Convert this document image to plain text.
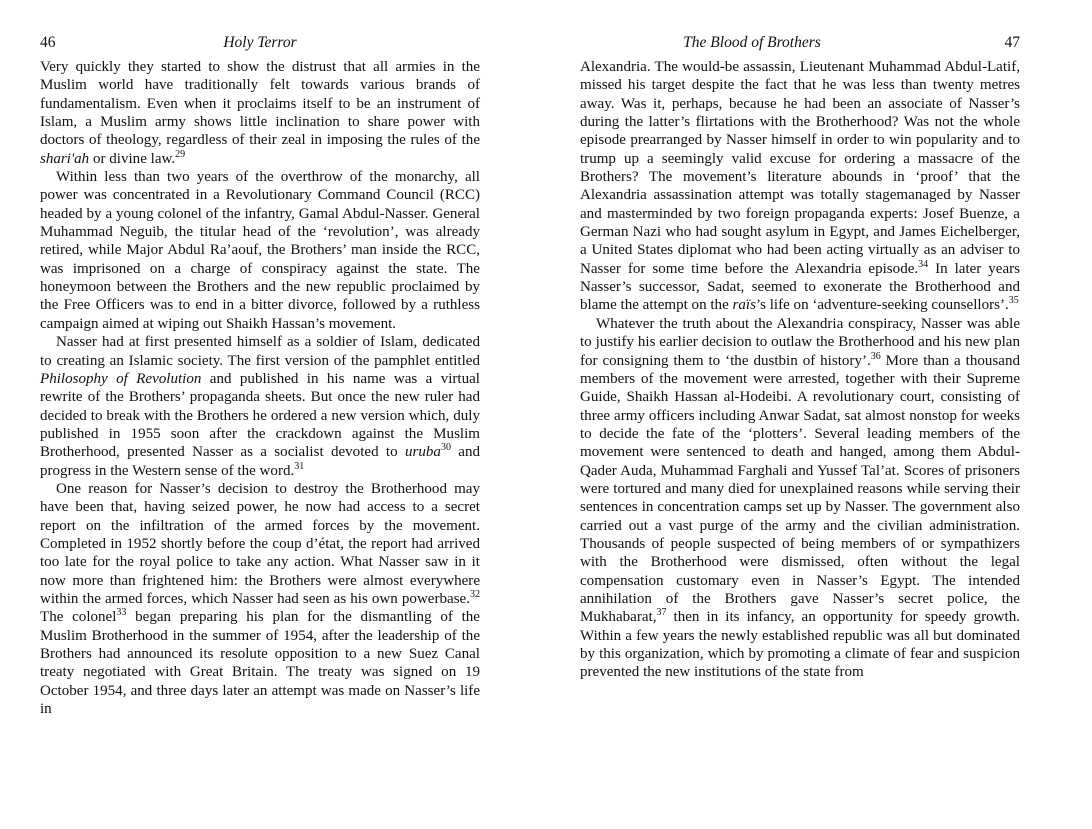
46	Holy Terror

Very quickly they started to show the distrust that all armies in the Muslim world have traditionally felt towards various brands of fundamentalism. Even when it proclaims itself to be an instrument of Islam, a Muslim army shows little inclination to share power with doctors of theology, regardless of their zeal in imposing the rules of the shari'ah or divine law.$^{29}$

Within less than two years of the overthrow of the monarchy, all power was concentrated in a Revolutionary Command Council (RCC) headed by a young colonel of the infantry, Gamal Abdul-Nasser. General Muhammad Neguib, the titular head of the ‘revolution’, was already retired, while Major Abdul Ra’aouf, the Brothers’ man inside the RCC, was imprisoned on a charge of conspiracy against the state. The honeymoon between the Brothers and the new republic proclaimed by the Free Officers was to end in a bitter divorce, followed by a ruthless campaign aimed at wiping out Shaikh Hassan’s movement.

Nasser had at first presented himself as a soldier of Islam, dedicated to creating an Islamic society. The first version of the pamphlet entitled Philosophy of Revolution and published in his name was a virtual rewrite of the Brothers’ propaganda sheets. But once the new ruler had decided to break with the Brothers he ordered a new version which, duly published in 1955 soon after the crackdown against the Muslim Brotherhood, presented Nasser as a socialist devoted to uruba$^{30}$ and progress in the Western sense of the word.$^{31}$

One reason for Nasser’s decision to destroy the Brotherhood may have been that, having seized power, he now had access to a secret report on the infiltration of the armed forces by the movement. Completed in 1952 shortly before the coup d’état, the report had arrived too late for the royal police to take any action. What Nasser saw in it now more than frightened him: the Brothers were almost everywhere within the armed forces, which Nasser had seen as his own powerbase.$^{32}$ The colonel$^{33}$ began preparing his plan for the dismantling of the Muslim Brotherhood in the summer of 1954, after the leadership of the Brothers had announced its resolute opposition to a new Suez Canal treaty negotiated with Great Britain. The treaty was signed on 19 October 1954, and three days later an attempt was made on Nasser’s life in

The Blood of Brothers	47

Alexandria. The would-be assassin, Lieutenant Muhammad Abdul-Latif, missed his target despite the fact that he was less than twenty metres away. Was it, perhaps, because he had been an associate of Nasser’s during the latter’s flirtations with the Brotherhood? Was not the whole episode prearranged by Nasser himself in order to win popularity and to trump up a seemingly valid excuse for ordering a massacre of the Brothers? The movement’s literature abounds in ‘proof’ that the Alexandria assassination attempt was totally stagemanaged by Nasser and masterminded by two foreign propaganda experts: Josef Buenze, a German Nazi who had sought asylum in Egypt, and James Eichelberger, a United States diplomat who had been acting virtually as an adviser to Nasser for some time before the Alexandria episode.$^{34}$ In later years Nasser’s successor, Sadat, seemed to exonerate the Brotherhood and blame the attempt on the raïs’s life on ‘adventure-seeking counsellors’.$^{35}$

Whatever the truth about the Alexandria conspiracy, Nasser was able to justify his earlier decision to outlaw the Brotherhood and his new plan for consigning them to ‘the dustbin of history’.$^{36}$ More than a thousand members of the movement were arrested, together with their Supreme Guide, Shaikh Hassan al-Hodeibi. A revolutionary court, consisting of three army officers including Anwar Sadat, sat almost nonstop for weeks to decide the fate of the ‘plotters’. Several leading members of the movement were sentenced to death and hanged, among them Abdul-Qader Auda, Muhammad Farghali and Yussef Tal’at. Scores of prisoners were tortured and many died for unexplained reasons while serving their sentences in concentration camps set up by Nasser. The government also carried out a vast purge of the army and the civilian administration. Thousands of people suspected of being members of or sympathizers with the Brotherhood were dismissed, often without the legal compensation customary even in Nasser’s Egypt. The intended annihilation of the Brothers gave Nasser’s secret police, the Mukhabarat,$^{37}$ then in its infancy, an opportunity for speedy growth. Within a few years the newly established republic was all but dominated by this organization, which by promoting a climate of fear and suspicion prevented the new institutions of the state from
